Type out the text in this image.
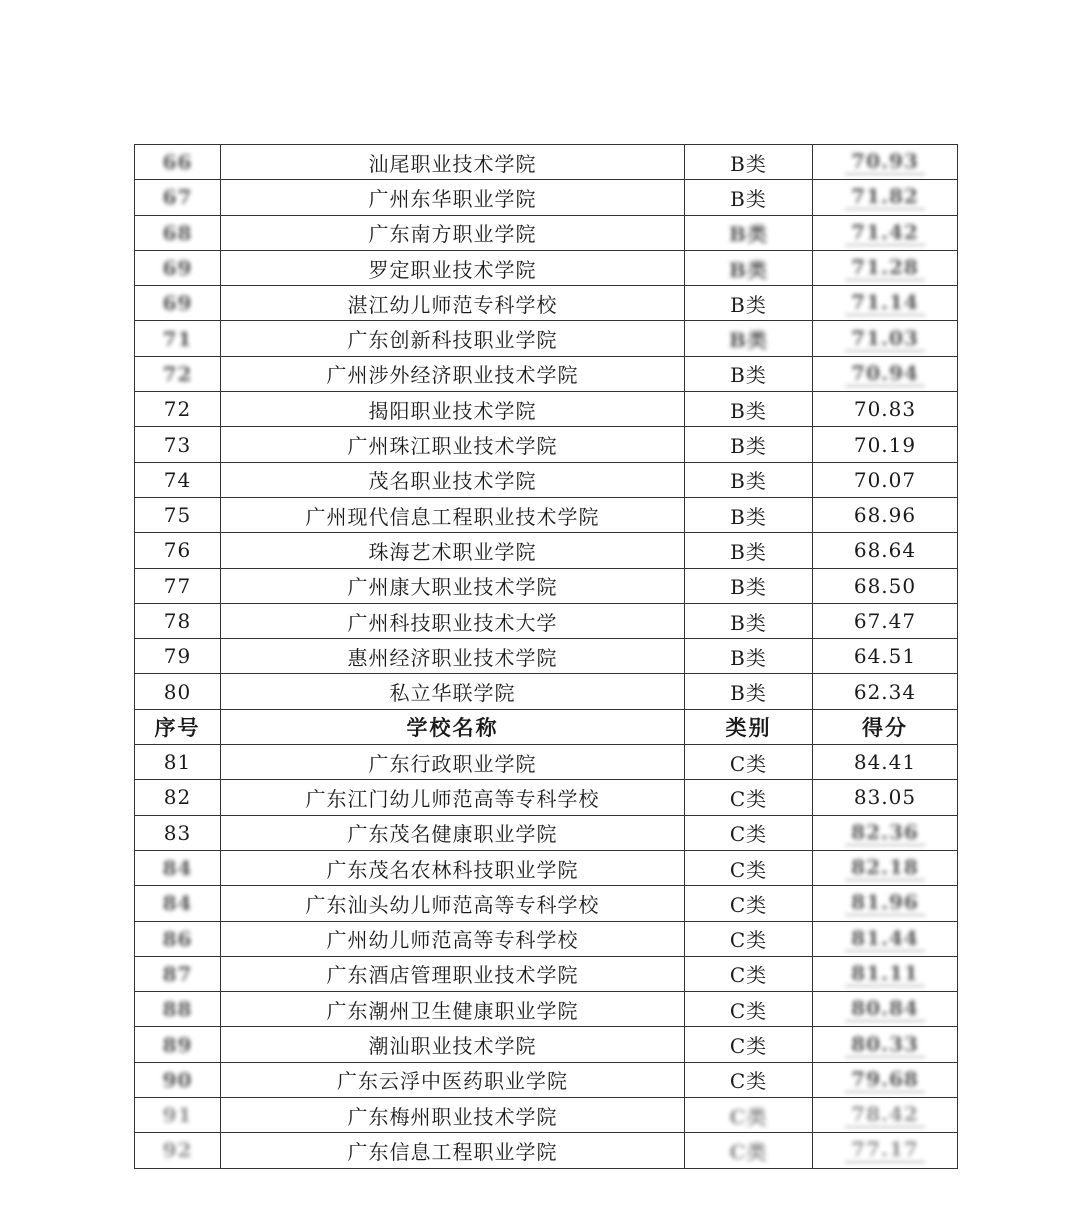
66	汕尾职业技术学院	B类	70.93
67	广州东华职业学院	B类	71.82
68	广东南方职业学院	B类	71.42
69	罗定职业技术学院	B类	71.28
69	湛江幼儿师范专科学校	B类	71.14
71	广东创新科技职业学院	B类	71.03
72	广州涉外经济职业技术学院	B类	70.94
72	揭阳职业技术学院	B类	70.83
73	广州珠江职业技术学院	B类	70.19
74	茂名职业技术学院	B类	70.07
75	广州现代信息工程职业技术学院	B类	68.96
76	珠海艺术职业学院	B类	68.64
77	广州康大职业技术学院	B类	68.50
78	广州科技职业技术大学	B类	67.47
79	惠州经济职业技术学院	B类	64.51
80	私立华联学院	B类	62.34
序号	学校名称	类别	得分
81	广东行政职业学院	C类	84.41
82	广东江门幼儿师范高等专科学校	C类	83.05
83	广东茂名健康职业学院	C类	82.36
84	广东茂名农林科技职业学院	C类	82.18
84	广东汕头幼儿师范高等专科学校	C类	81.96
86	广州幼儿师范高等专科学校	C类	81.44
87	广东酒店管理职业技术学院	C类	81.11
88	广东潮州卫生健康职业学院	C类	80.84
89	潮汕职业技术学院	C类	80.33
90	广东云浮中医药职业学院	C类	79.68
91	广东梅州职业技术学院	C类	78.42
92	广东信息工程职业学院	C类	77.17
